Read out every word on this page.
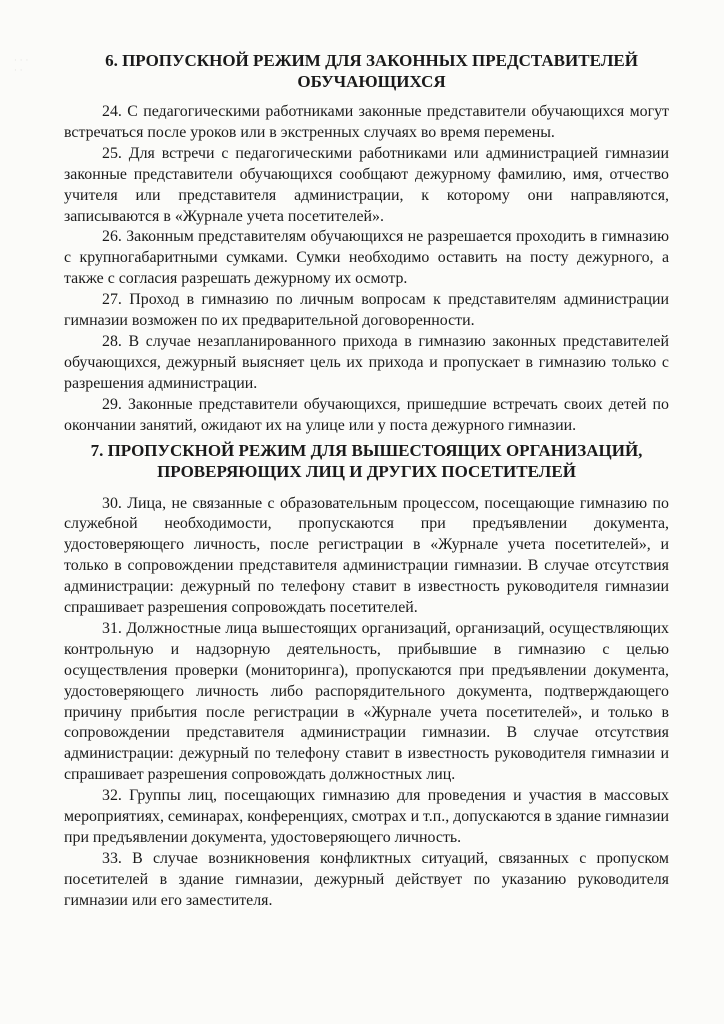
· · ·
· ·
6. ПРОПУСКНОЙ РЕЖИМ ДЛЯ ЗАКОННЫХ ПРЕДСТАВИТЕЛЕЙ
ОБУЧАЮЩИХСЯ

24. С педагогическими работниками законные представители обучающихся могут встречаться после уроков или в экстренных случаях во время перемены.

25. Для встречи с педагогическими работниками или администрацией гимназии законные представители обучающихся сообщают дежурному фамилию, имя, отчество учителя или представителя администрации, к которому они направляются, записываются в «Журнале учета посетителей».

26. Законным представителям обучающихся не разрешается проходить в гимназию с крупногабаритными сумками. Сумки необходимо оставить на посту дежурного, а также с согласия разрешать дежурному их осмотр.

27. Проход в гимназию по личным вопросам к представителям администрации гимназии возможен по их предварительной договоренности.

28. В случае незапланированного прихода в гимназию законных представителей обучающихся, дежурный выясняет цель их прихода и пропускает в гимназию только с разрешения администрации.

29. Законные представители обучающихся, пришедшие встречать своих детей по окончании занятий, ожидают их на улице или у поста дежурного гимназии.

7. ПРОПУСКНОЙ РЕЖИМ ДЛЯ ВЫШЕСТОЯЩИХ ОРГАНИЗАЦИЙ,
ПРОВЕРЯЮЩИХ ЛИЦ И ДРУГИХ ПОСЕТИТЕЛЕЙ

30. Лица, не связанные с образовательным процессом, посещающие гимназию по служебной необходимости, пропускаются при предъявлении документа, удостоверяющего личность, после регистрации в «Журнале учета посетителей», и только в сопровождении представителя администрации гимназии. В случае отсутствия администрации: дежурный по телефону ставит в известность руководителя гимназии спрашивает разрешения сопровождать посетителей.

31. Должностные лица вышестоящих организаций, организаций, осуществляющих контрольную и надзорную деятельность, прибывшие в гимназию с целью осуществления проверки (мониторинга), пропускаются при предъявлении документа, удостоверяющего личность либо распорядительного документа, подтверждающего причину прибытия после регистрации в «Журнале учета посетителей», и только в сопровождении представителя администрации гимназии. В случае отсутствия администрации: дежурный по телефону ставит в известность руководителя гимназии и спрашивает разрешения сопровождать должностных лиц.

32. Группы лиц, посещающих гимназию для проведения и участия в массовых мероприятиях, семинарах, конференциях, смотрах и т.п., допускаются в здание гимназии при предъявлении документа, удостоверяющего личность.

33. В случае возникновения конфликтных ситуаций, связанных с пропуском посетителей в здание гимназии, дежурный действует по указанию руководителя гимназии или его заместителя.
